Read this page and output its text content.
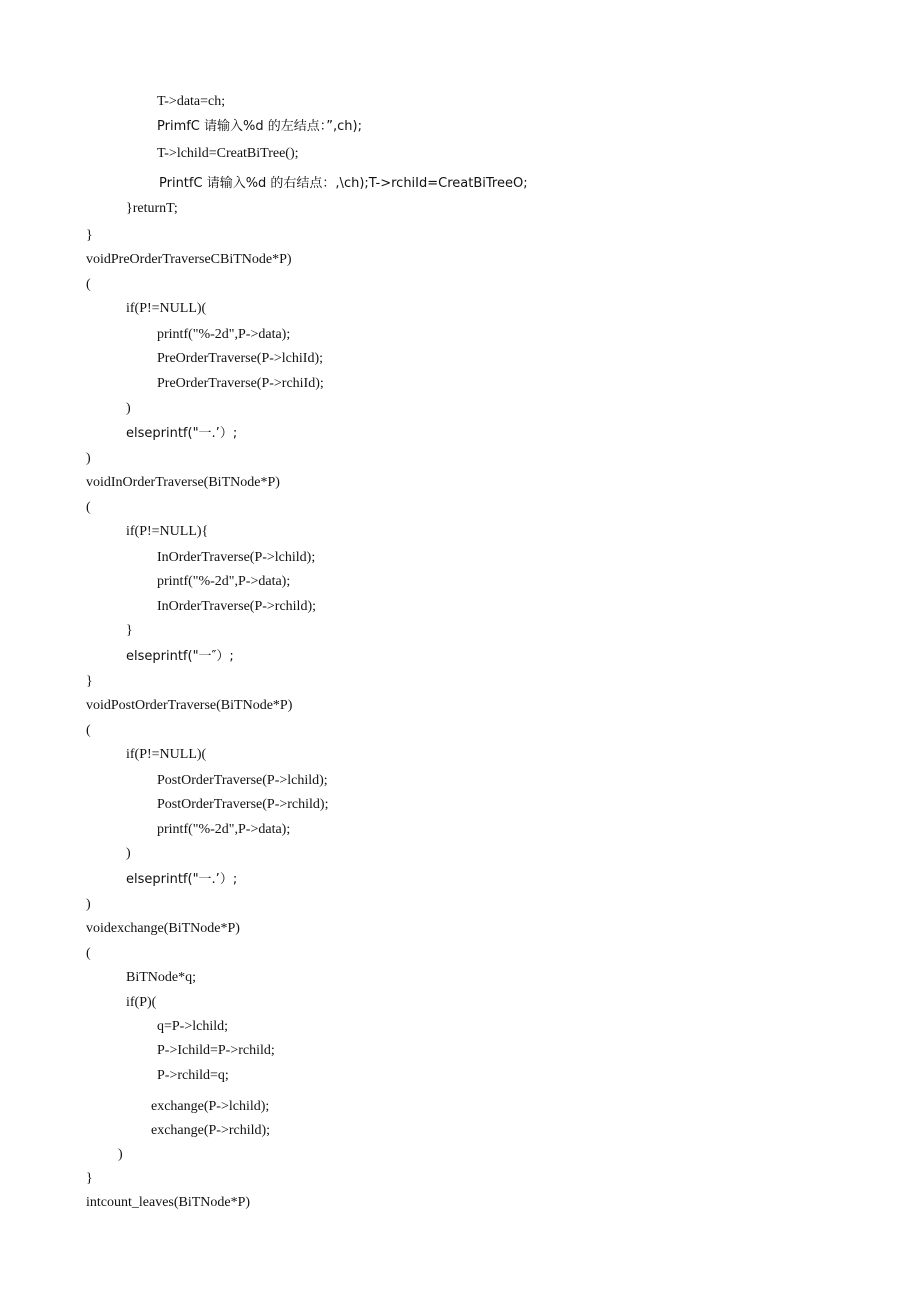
T->data=ch;
PrimfC 请输入%d 的左结点：”,ch);
T->lchild=CreatBiTree();
PrintfC 请输入%d 的右结点：,\ch);T->rchiId=CreatBiTreeO;
}returnT;
}
voidPreOrderTraverseCBiTNode*P)
(
if(P!=NULL)(
printf("%-2d",P->data);
PreOrderTraverse(P->lchiId);
PreOrderTraverse(P->rchiId);
)
elseprintf("一.’）;
)
voidInOrderTraverse(BiTNode*P)
(
if(P!=NULL){
InOrderTraverse(P->lchild);
printf("%-2d",P->data);
InOrderTraverse(P->rchild);
}
elseprintf("一″）;
}
voidPostOrderTraverse(BiTNode*P)
(
if(P!=NULL)(
PostOrderTraverse(P->lchild);
PostOrderTraverse(P->rchild);
printf("%-2d",P->data);
)
elseprintf("一.’）;
)
voidexchange(BiTNode*P)
(
BiTNode*q;
if(P)(
q=P->lchild;
P->Ichild=P->rchild;
P->rchild=q;
exchange(P->lchild);
exchange(P->rchild);
)
}
intcount_leaves(BiTNode*P)
